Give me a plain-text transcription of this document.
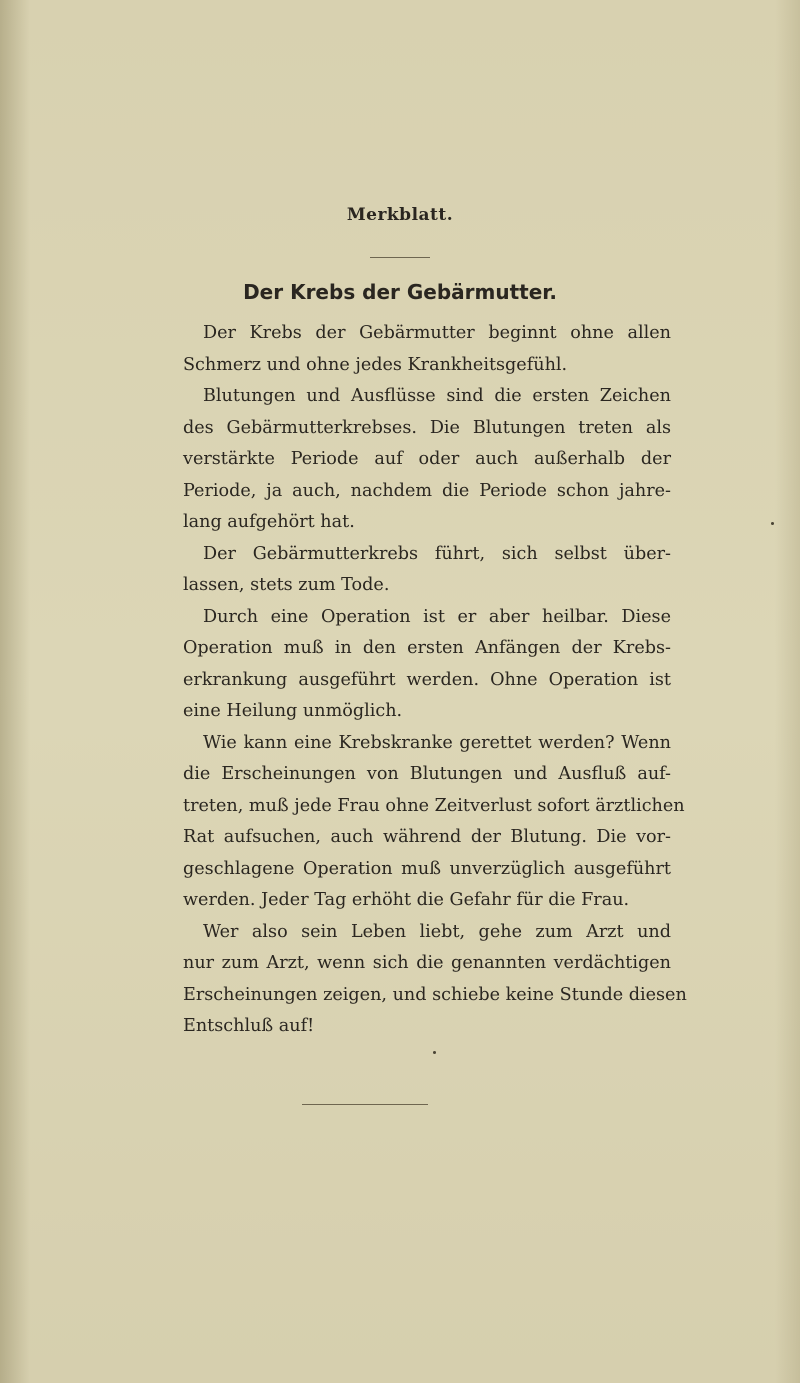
Merkblatt.
Der Krebs der Gebärmutter.
Der Krebs der Gebärmutter beginnt ohne allen
Schmerz und ohne jedes Krankheitsgefühl.
Blutungen und Ausflüsse sind die ersten Zeichen
des Gebärmutterkrebses. Die Blutungen treten als
verstärkte Periode auf oder auch außerhalb der
Periode, ja auch, nachdem die Periode schon jahre-
lang aufgehört hat.
Der Gebärmutterkrebs führt, sich selbst über-
lassen, stets zum Tode.
Durch eine Operation ist er aber heilbar. Diese
Operation muß in den ersten Anfängen der Krebs-
erkrankung ausgeführt werden. Ohne Operation ist
eine Heilung unmöglich.
Wie kann eine Krebskranke gerettet werden? Wenn
die Erscheinungen von Blutungen und Ausfluß auf-
treten, muß jede Frau ohne Zeitverlust sofort ärztlichen
Rat aufsuchen, auch während der Blutung. Die vor-
geschlagene Operation muß unverzüglich ausgeführt
werden. Jeder Tag erhöht die Gefahr für die Frau.
Wer also sein Leben liebt, gehe zum Arzt und
nur zum Arzt, wenn sich die genannten verdächtigen
Erscheinungen zeigen, und schiebe keine Stunde diesen
Entschluß auf!
